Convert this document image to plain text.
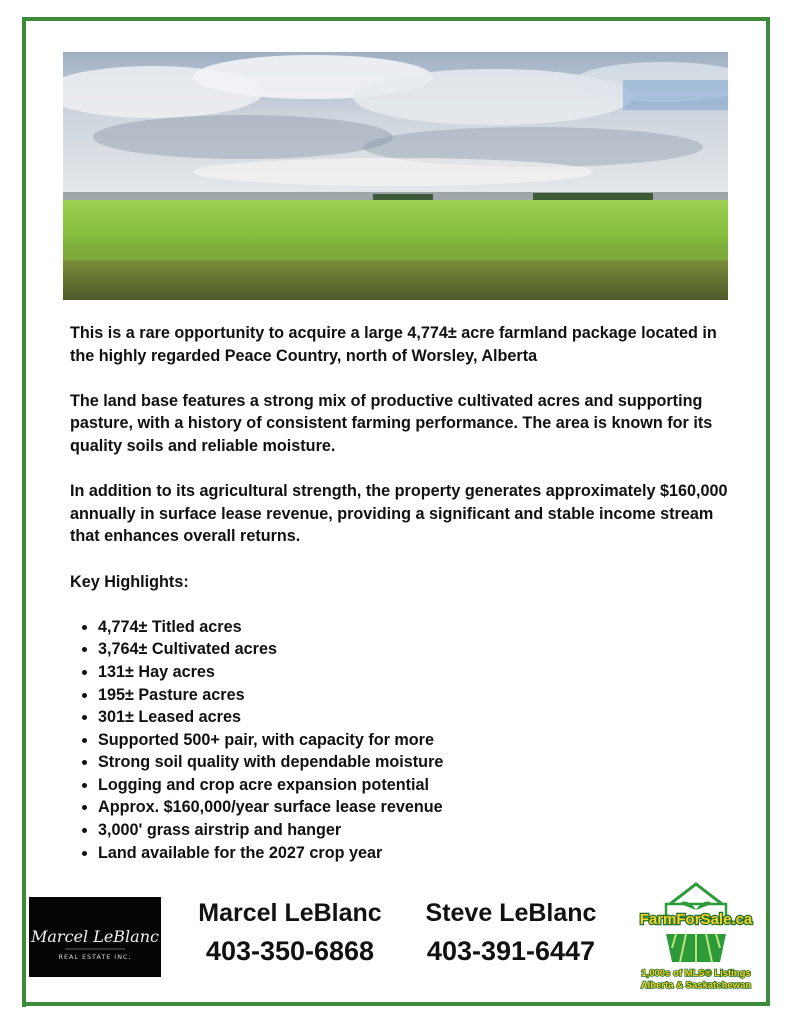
This is a rare opportunity to acquire a large 4,774± acre farmland package located in the highly regarded Peace Country, north of Worsley, Alberta

The land base features a strong mix of productive cultivated acres and supporting pasture, with a history of consistent farming performance. The area is known for its quality soils and reliable moisture.

In addition to its agricultural strength, the property generates approximately $160,000 annually in surface lease revenue, providing a significant and stable income stream that enhances overall returns.

Key Highlights:

• 4,774± Titled acres
• 3,764± Cultivated acres
• 131± Hay acres
• 195± Pasture acres
• 301± Leased acres
• Supported 500+ pair, with capacity for more
• Strong soil quality with dependable moisture
• Logging and crop acre expansion potential
• Approx. $160,000/year surface lease revenue
• 3,000' grass airstrip and hanger
• Land available for the 2027 crop year
Marcel LeBlanc
REAL ESTATE INC.
Marcel LeBlanc
403-350-6868
Steve LeBlanc
403-391-6447
FarmForSale.ca
1,000s of MLS® Listings
Alberta & Saskatchewan
